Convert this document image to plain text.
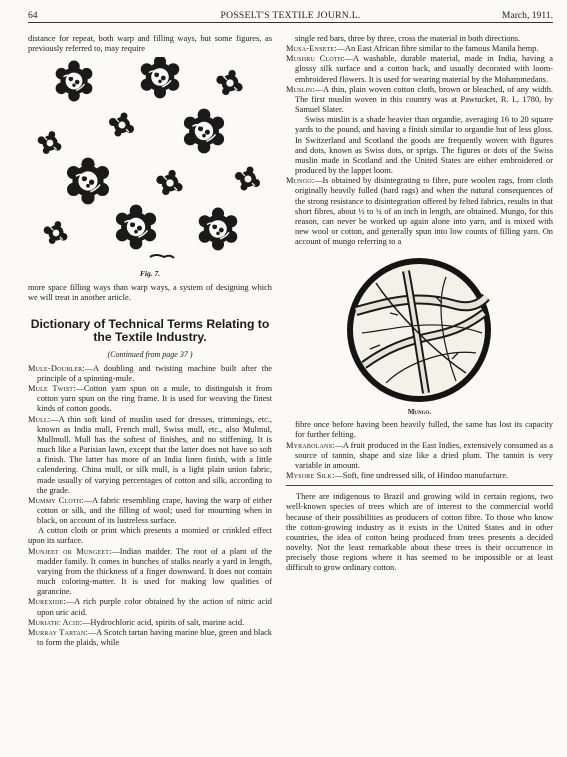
64	POSSELT'S TEXTILE JOURN.L.	March, 1911.

distance for repeat, both warp and filling ways, but some figures, as previously referred to, may require

Fig. 7.

more space filling ways than warp ways, a system of designing which we will treat in another article.

Dictionary of Technical Terms Relating to the Textile Industry.
(Continued from page 37 )

Mule-Doubler:—A doubling and twisting machine built after the principle of a spinning-mule.

Mule Twist:—Cotton yarn spun on a mule, to distinguish it from cotton yarn spun on the ring frame. It is used for weaving the finest kinds of cotton goods.

Mull:—A thin soft kind of muslin used for dresses, trimmings, etc., known as India mull, French mull, Swiss mull, etc., also Mulmul, Mullmull. Mull has the softest of finishes, and no stiffening. It is much like a Parisian lawn, except that the latter does not have so soft a finish. The latter has more of an India linen finish, with a little calendering. China mull, or silk mull, is a light plain union fabric, made usually of varying percentages of cotton and silk, according to the grade.

Mummy Cloth:—A fabric resembling crape, having the warp of either cotton or silk, and the filling of wool; used for mourning when in black, on account of its lustreless surface.

A cotton cloth or print which presents a momied or crinkled effect upon its surface.

Munjeet or Mungeet:—Indian madder. The root of a plant of the madder family. It comes in bunches of stalks nearly a yard in length, varying from the thickness of a finger downward. It does not contain much coloring-matter. It is used for making low qualities of garancine.

Murexide:—A rich purple color obtained by the action of nitric acid upon uric acid.

Muriatic Acid:—Hydrochloric acid, spirits of salt, marine acid.

Murray Tartan:—A Scotch tartan having marine blue, green and black to form the plaids, while

single red bars, three by three, cross the material in both directions.

Musa-Ensete:—An East African fibre similar to the famous Manila hemp.

Mushru Cloth:—A washable, durable material, made in India, having a glossy silk surface and a cotton back, and usually decorated with loom-embroidered flowers. It is used for wearing material by the Mohammedans.

Muslin:—A thin, plain woven cotton cloth, brown or bleached, of any width. The first muslin woven in this country was at Pawtucket, R. I., 1780, by Samuel Slater.

Swiss muslin is a shade heavier than organdie, averaging 16 to 20 square yards to the pound, and having a finish similar to organdie but of less gloss. In Switzerland and Scotland the goods are frequently woven with figures and dots, known as Swiss dots, or sprigs. The figures or dots of the Swiss muslin made in Scotland and the United States are either embroidered or produced by the lappet loom.

Mungo:—Is obtained by disintegrating to fibre, pure woolen rags, from cloth originally heavily fulled (hard rags) and when the natural consequences of the strong resistance to disintegration offered by felted fabrics, results in that short fibres, about ½ to ¾ of an inch in length, are obtained. Mungo, for this reason, can never be worked up again alone into yarn, and is mixed with new wool or cotton, and generally spun into low counts of filling yarn. On account of mungo referring to a

Mungo.

fibre once before having been heavily fulled, the same has lost its capacity for further felting.

Myrabolans:—A fruit produced in the East Indies, extensively consumed as a source of tannin, shape and size like a dried plum. The tannin is very variable in amount.

Mysore Silk:—Soft, fine undressed silk, of Hindoo manufacture.

There are indigenous to Brazil and growing wild in certain regions, two well-known species of trees which are of interest to the commercial world because of their possibilities as producers of cotton fibre. To those who know the cotton-growing industry as it exists in the United States and in other countries, the idea of cotton being produced from trees presents a decided novelty. Not the least remarkable about these trees is their occurrence in precisely those regions where it has seemed to be impossible or at least difficult to grow ordinary cotton.
